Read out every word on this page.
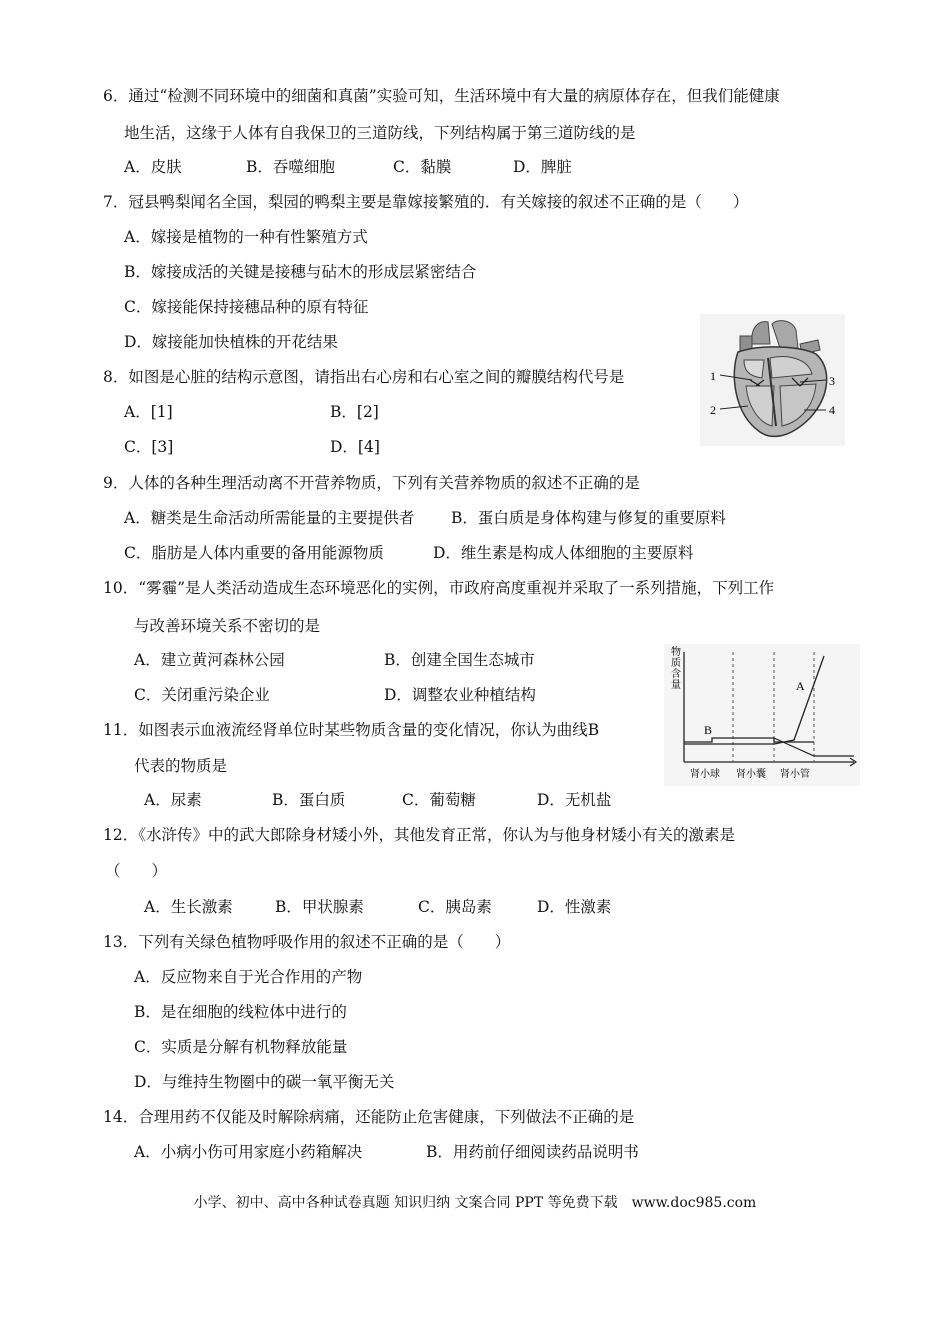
6．通过“检测不同环境中的细菌和真菌”实验可知，生活环境中有大量的病原体存在，但我们能健康
地生活，这缘于人体有自我保卫的三道防线，下列结构属于第三道防线的是
A．皮肤	B．吞噬细胞	C．黏膜	D．脾脏
7．冠县鸭梨闻名全国，梨园的鸭梨主要是靠嫁接繁殖的．有关嫁接的叙述不正确的是（　　）
A．嫁接是植物的一种有性繁殖方式
B．嫁接成活的关键是接穗与砧木的形成层紧密结合
C．嫁接能保持接穗品种的原有特征
D．嫁接能加快植株的开花结果
8．如图是心脏的结构示意图，请指出右心房和右心室之间的瓣膜结构代号是
A．[1]	B．[2]
C．[3]	D．[4]
1
2
3
4
9．人体的各种生理活动离不开营养物质，下列有关营养物质的叙述不正确的是
A．糖类是生命活动所需能量的主要提供者 B．蛋白质是身体构建与修复的重要原料
C．脂肪是人体内重要的备用能源物质	D．维生素是构成人体细胞的主要原料
10．“雾霾”是人类活动造成生态环境恶化的实例，市政府高度重视并采取了一系列措施，下列工作
与改善环境关系不密切的是
A．建立黄河森林公园	B．创建全国生态城市
C．关闭重污染企业	D．调整农业种植结构
物质含量	A
B
肾小球 肾小囊 肾小管
11．如图表示血液流经肾单位时某些物质含量的变化情况，你认为曲线B
代表的物质是
A．尿素	B．蛋白质	C．葡萄糖	D．无机盐
12．《水浒传》中的武大郎除身材矮小外，其他发育正常，你认为与他身材矮小有关的激素是
（　　）
A．生长激素	B．甲状腺素	C．胰岛素	D．性激素
13．下列有关绿色植物呼吸作用的叙述不正确的是（　　）
A．反应物来自于光合作用的产物
B．是在细胞的线粒体中进行的
C．实质是分解有机物释放能量
D．与维持生物圈中的碳一氧平衡无关
14．合理用药不仅能及时解除病痛，还能防止危害健康，下列做法不正确的是
A．小病小伤可用家庭小药箱解决	B．用药前仔细阅读药品说明书
小学、初中、高中各种试卷真题 知识归纳 文案合同 PPT 等免费下载　www.doc985.com
